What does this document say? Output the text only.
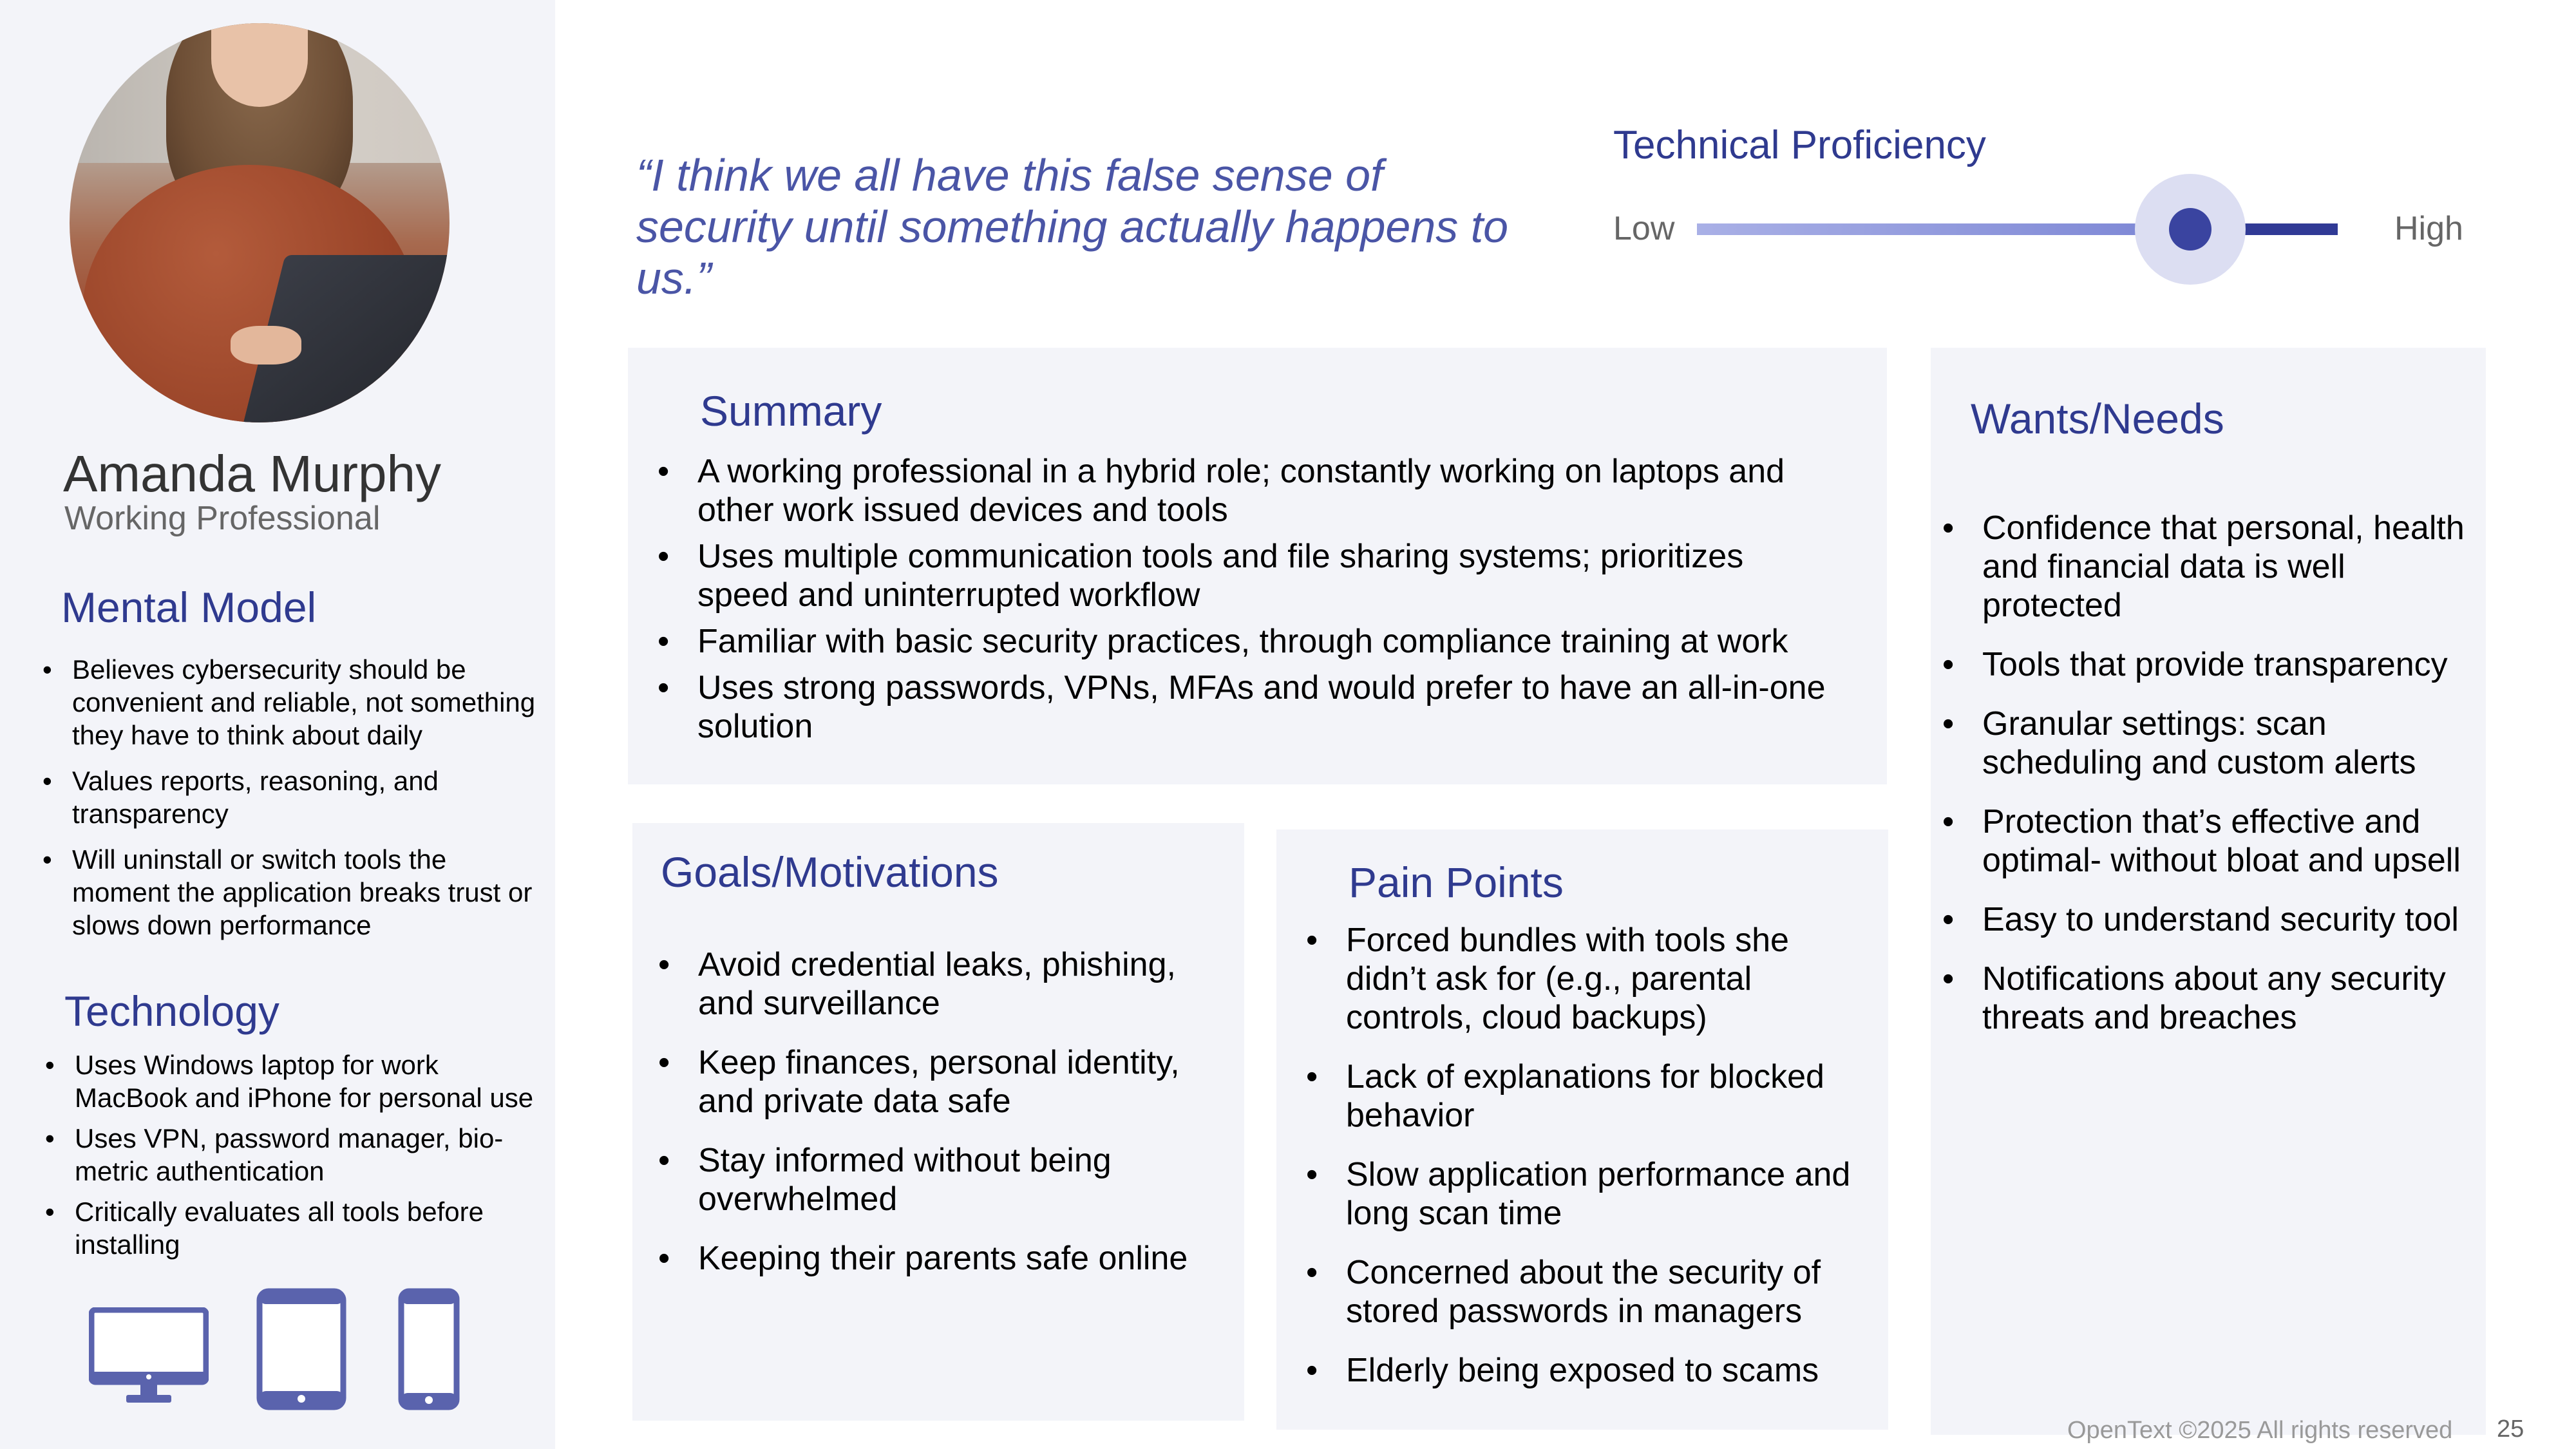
Amanda Murphy
Working Professional
Mental Model
• Believes cybersecurity should be convenient and reliable, not something they have to think about daily
• Values reports, reasoning, and transparency
• Will uninstall or switch tools the moment the application breaks trust or slows down performance
Technology
• Uses Windows laptop for work MacBook and iPhone for personal use
• Uses VPN, password manager, bio-metric authentication
• Critically evaluates all tools before installing
“I think we all have this false sense of security until something actually happens to us.”
Technical Proficiency
Low	High
Summary
• A working professional in a hybrid role; constantly working on laptops and other work issued devices and tools
• Uses multiple communication tools and file sharing systems; prioritizes speed and uninterrupted workflow
• Familiar with basic security practices, through compliance training at work
• Uses strong passwords, VPNs, MFAs and would prefer to have an all-in-one solution
Goals/Motivations
• Avoid credential leaks, phishing, and surveillance
• Keep finances, personal identity, and private data safe
• Stay informed without being overwhelmed
• Keeping their parents safe online
Pain Points
• Forced bundles with tools she didn’t ask for (e.g., parental controls, cloud backups)
• Lack of explanations for blocked behavior
• Slow application performance and long scan time
• Concerned about the security of stored passwords in managers
• Elderly being exposed to scams
Wants/Needs
• Confidence that personal, health and financial data is well protected
• Tools that provide transparency
• Granular settings: scan scheduling and custom alerts
• Protection that’s effective and optimal- without bloat and upsell
• Easy to understand security tool
• Notifications about any security threats and breaches
OpenText ©2025 All rights reserved 25
